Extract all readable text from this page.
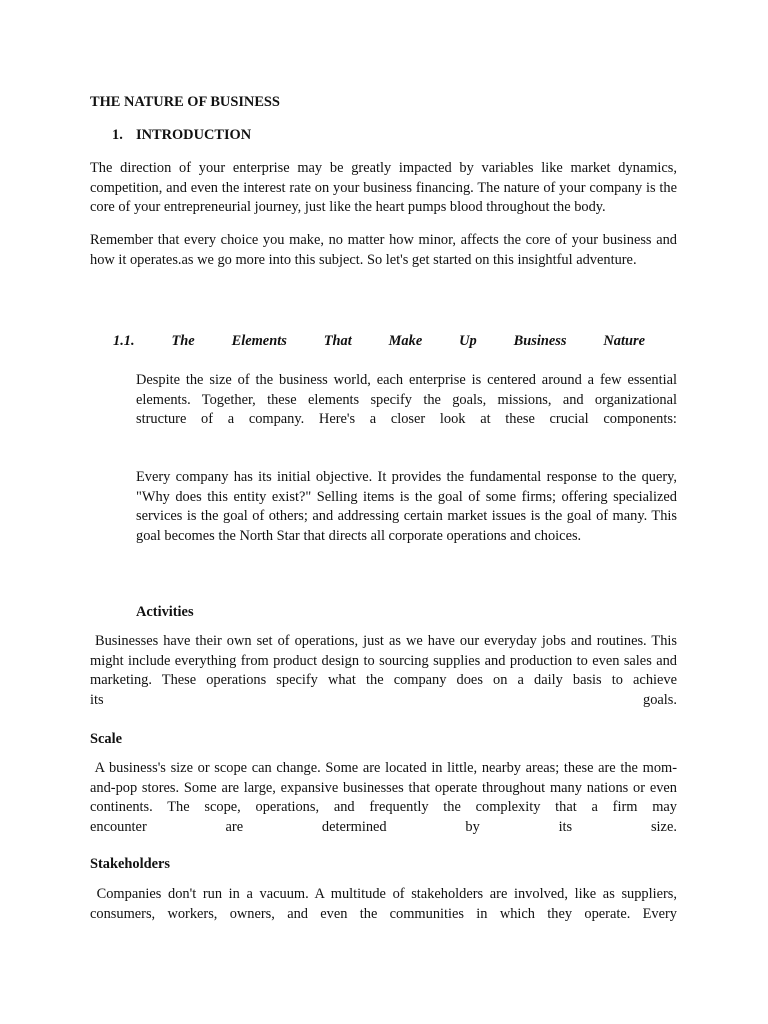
THE NATURE OF BUSINESS
1. INTRODUCTION

The direction of your enterprise may be greatly impacted by variables like market dynamics, competition, and even the interest rate on your business financing. The nature of your company is the core of your entrepreneurial journey, just like the heart pumps blood throughout the body.

Remember that every choice you make, no matter how minor, affects the core of your business and how it operates.as we go more into this subject. So let's get started on this insightful adventure.

1.1.	The	Elements	That	Make	Up	Business	Nature
Despite the size of the business world, each enterprise is centered around a few essential elements. Together, these elements specify the goals, missions, and organizational
structure of a company. Here's a closer look at these crucial components:

Every company has its initial objective. It provides the fundamental response to the query, "Why does this entity exist?" Selling items is the goal of some firms; offering specialized services is the goal of others; and addressing certain market issues is the goal of many. This goal becomes the North Star that directs all corporate operations and choices.

Activities
Businesses have their own set of operations, just as we have our everyday jobs and routines. This might include everything from product design to sourcing supplies and production to even sales and marketing. These operations specify what the company does on a daily basis to achieve
its	goals.
Scale
A business's size or scope can change. Some are located in little, nearby areas; these are the mom-and-pop stores. Some are large, expansive businesses that operate throughout many nations or even continents. The scope, operations, and frequently the complexity that a firm may
encounter	are	determined	by	its	size.
Stakeholders
Companies don't run in a vacuum. A multitude of stakeholders are involved, like as suppliers, consumers, workers, owners, and even the communities in which they operate. Every
